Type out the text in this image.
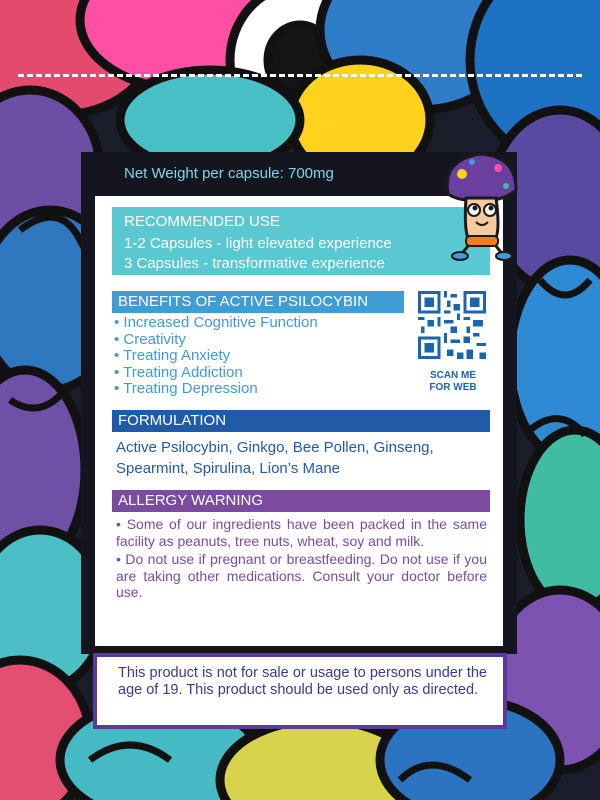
Net Weight per capsule: 700mg
RECOMMENDED USE
1-2 Capsules - light elevated experience
3 Capsules - transformative experience
BENEFITS OF ACTIVE PSILOCYBIN
• Increased Cognitive Function
• Creativity
• Treating Anxiety
• Treating Addiction
• Treating Depression
SCAN ME
FOR WEB
FORMULATION
Active Psilocybin, Ginkgo, Bee Pollen, Ginseng, Spearmint, Spirulina, Lion’s Mane
ALLERGY WARNING

• Some of our ingredients have been packed in the same facility as peanuts, tree nuts, wheat, soy and milk.

• Do not use if pregnant or breastfeeding. Do not use if you are taking other medications. Consult your doctor before use.

This product is not for sale or usage to persons under the age of 19. This product should be used only as directed.
